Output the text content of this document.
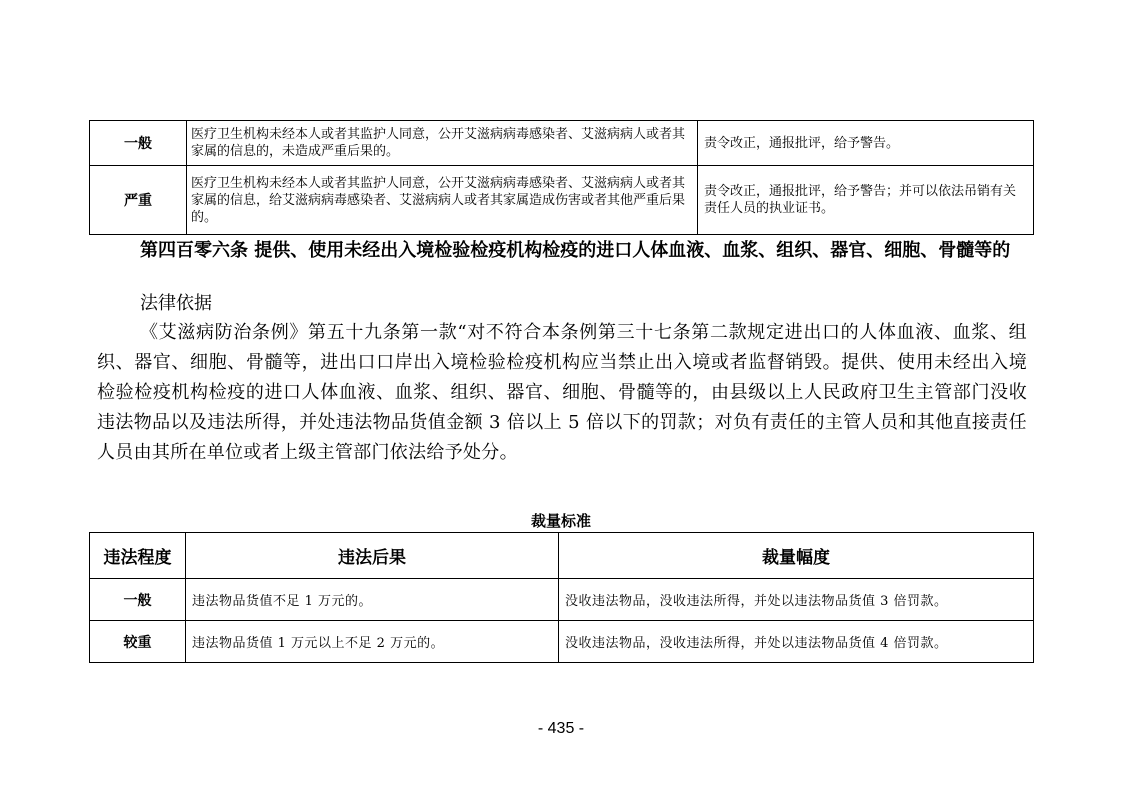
一般	医疗卫生机构未经本人或者其监护人同意，公开艾滋病病毒感染者、艾滋病病人或者其家属的信息的，未造成严重后果的。	责令改正，通报批评，给予警告。
严重	医疗卫生机构未经本人或者其监护人同意，公开艾滋病病毒感染者、艾滋病病人或者其家属的信息，给艾滋病病毒感染者、艾滋病病人或者其家属造成伤害或者其他严重后果的。	责令改正，通报批评，给予警告；并可以依法吊销有关责任人员的执业证书。
第四百零六条 提供、使用未经出入境检验检疫机构检疫的进口人体血液、血浆、组织、器官、细胞、骨髓等的
法律依据
《艾滋病防治条例》第五十九条第一款“对不符合本条例第三十七条第二款规定进出口的人体血液、血浆、组织、器官、细胞、骨髓等，进出口口岸出入境检验检疫机构应当禁止出入境或者监督销毁。提供、使用未经出入境检验检疫机构检疫的进口人体血液、血浆、组织、器官、细胞、骨髓等的，由县级以上人民政府卫生主管部门没收违法物品以及违法所得，并处违法物品货值金额 3 倍以上 5 倍以下的罚款；对负有责任的主管人员和其他直接责任人员由其所在单位或者上级主管部门依法给予处分。
裁量标准
违法程度	违法后果	裁量幅度
一般	违法物品货值不足 1 万元的。	没收违法物品，没收违法所得，并处以违法物品货值 3 倍罚款。
较重	违法物品货值 1 万元以上不足 2 万元的。	没收违法物品，没收违法所得，并处以违法物品货值 4 倍罚款。
- 435 -
